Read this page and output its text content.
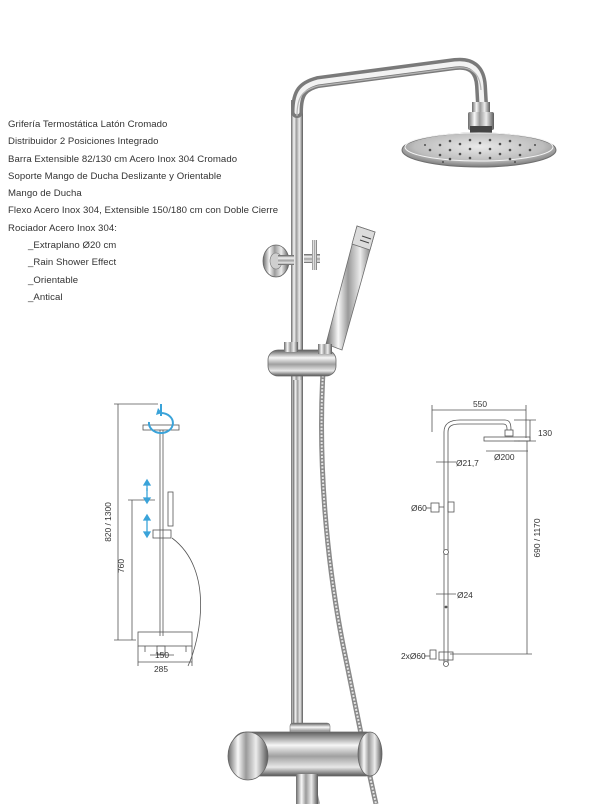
Grifería Termostática Latón Cromado
Distribuidor 2 Posiciones Integrado
Barra Extensible 82/130 cm Acero Inox 304 Cromado
Soporte Mango de Ducha Deslizante y Orientable
Mango de Ducha
Flexo Acero Inox 304, Extensible 150/180 cm con Doble Cierre
Rociador Acero Inox 304:
_Extraplano Ø20 cm
_Rain Shower Effect
_Orientable
_Antical
820 / 1300
760
150
285
550
130
Ø200
Ø21,7
Ø60
690 / 1170
Ø24
2xØ60
